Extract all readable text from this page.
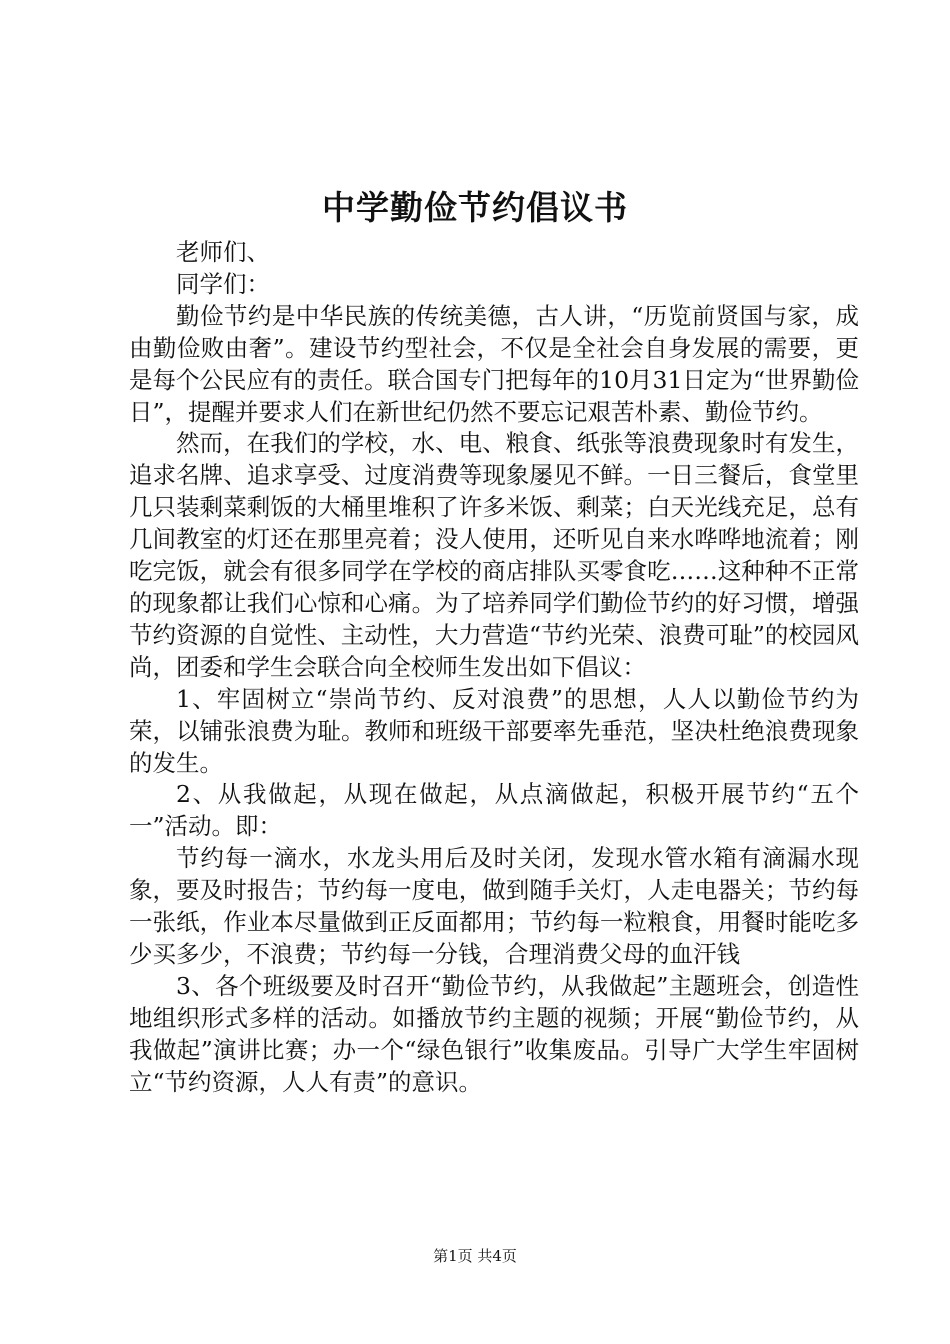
中学勤俭节约倡议书

老师们、

同学们：

勤俭节约是中华民族的传统美德，古人讲，“历览前贤国与家，成由勤俭败由奢”。建设节约型社会，不仅是全社会自身发展的需要，更是每个公民应有的责任。联合国专门把每年的10月31日定为“世界勤俭日”，提醒并要求人们在新世纪仍然不要忘记艰苦朴素、勤俭节约。

然而，在我们的学校，水、电、粮食、纸张等浪费现象时有发生，追求名牌、追求享受、过度消费等现象屡见不鲜。一日三餐后，食堂里几只装剩菜剩饭的大桶里堆积了许多米饭、剩菜；白天光线充足，总有几间教室的灯还在那里亮着；没人使用，还听见自来水哗哗地流着；刚吃完饭，就会有很多同学在学校的商店排队买零食吃……这种种不正常的现象都让我们心惊和心痛。为了培养同学们勤俭节约的好习惯，增强节约资源的自觉性、主动性，大力营造“节约光荣、浪费可耻”的校园风尚，团委和学生会联合向全校师生发出如下倡议：

1、牢固树立“崇尚节约、反对浪费”的思想，人人以勤俭节约为荣，以铺张浪费为耻。教师和班级干部要率先垂范，坚决杜绝浪费现象的发生。

2、从我做起，从现在做起，从点滴做起，积极开展节约“五个一”活动。即：

节约每一滴水，水龙头用后及时关闭，发现水管水箱有滴漏水现象，要及时报告；节约每一度电，做到随手关灯，人走电器关；节约每一张纸，作业本尽量做到正反面都用；节约每一粒粮食，用餐时能吃多少买多少，不浪费；节约每一分钱，合理消费父母的血汗钱

3、各个班级要及时召开“勤俭节约，从我做起”主题班会，创造性地组织形式多样的活动。如播放节约主题的视频；开展“勤俭节约，从我做起”演讲比赛；办一个“绿色银行”收集废品。引导广大学生牢固树立“节约资源，人人有责”的意识。

第1页 共4页
